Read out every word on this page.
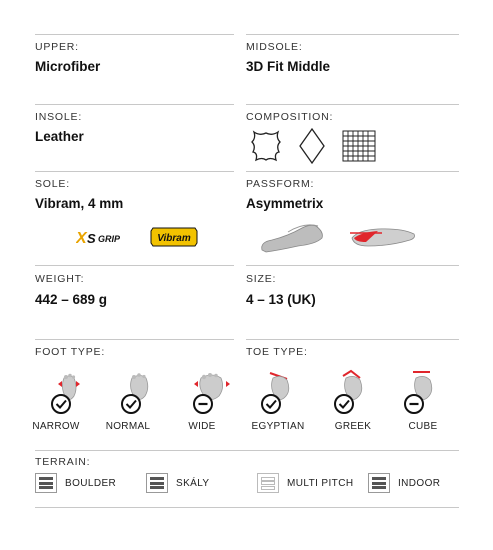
UPPER:
Microfiber
MIDSOLE:
3D Fit Middle
INSOLE:
Leather
COMPOSITION:
SOLE:
Vibram, 4 mm
PASSFORM:
Asymmetrix
X S GRIP	Vibram
WEIGHT:
442 – 689 g
SIZE:
4 – 13 (UK)
FOOT TYPE:	TOE TYPE:
NARROW	NORMAL	WIDE	EGYPTIAN	GREEK	CUBE
TERRAIN:
BOULDER	SKÁLY	MULTI PITCH	INDOOR
